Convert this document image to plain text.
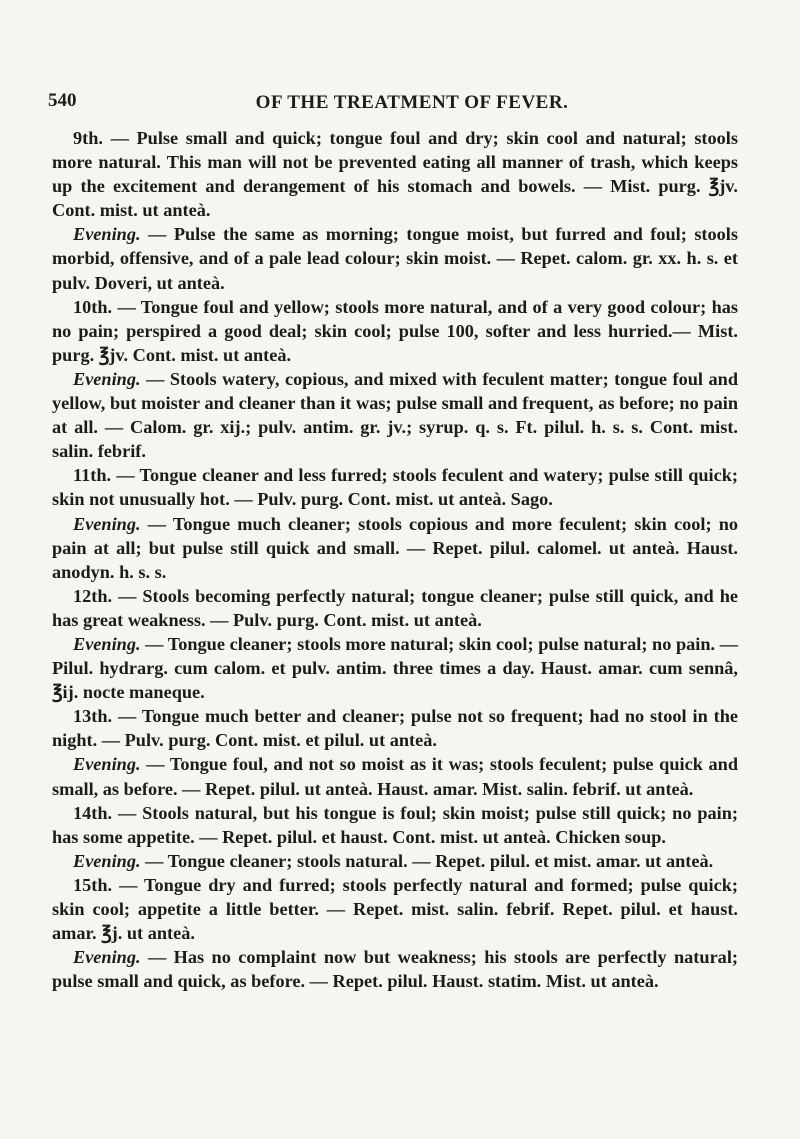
540	OF THE TREATMENT OF FEVER.

9th. — Pulse small and quick; tongue foul and dry; skin cool and natural; stools more natural. This man will not be prevented eating all manner of trash, which keeps up the excitement and derangement of his stomach and bowels. — Mist. purg. ℥jv. Cont. mist. ut anteà.

Evening. — Pulse the same as morning; tongue moist, but furred and foul; stools morbid, offensive, and of a pale lead colour; skin moist. — Repet. calom. gr. xx. h. s. et pulv. Doveri, ut anteà.

10th. — Tongue foul and yellow; stools more natural, and of a very good colour; has no pain; perspired a good deal; skin cool; pulse 100, softer and less hurried.— Mist. purg. ℥jv. Cont. mist. ut anteà.

Evening. — Stools watery, copious, and mixed with feculent matter; tongue foul and yellow, but moister and cleaner than it was; pulse small and frequent, as before; no pain at all. — Calom. gr. xij.; pulv. antim. gr. jv.; syrup. q. s. Ft. pilul. h. s. s. Cont. mist. salin. febrif.

11th. — Tongue cleaner and less furred; stools feculent and watery; pulse still quick; skin not unusually hot. — Pulv. purg. Cont. mist. ut anteà. Sago.

Evening. — Tongue much cleaner; stools copious and more feculent; skin cool; no pain at all; but pulse still quick and small. — Repet. pilul. calomel. ut anteà. Haust. anodyn. h. s. s.

12th. — Stools becoming perfectly natural; tongue cleaner; pulse still quick, and he has great weakness. — Pulv. purg. Cont. mist. ut anteà.

Evening. — Tongue cleaner; stools more natural; skin cool; pulse natural; no pain. — Pilul. hydrarg. cum calom. et pulv. antim. three times a day. Haust. amar. cum sennâ, ℥ij. nocte maneque.

13th. — Tongue much better and cleaner; pulse not so frequent; had no stool in the night. — Pulv. purg. Cont. mist. et pilul. ut anteà.

Evening. — Tongue foul, and not so moist as it was; stools feculent; pulse quick and small, as before. — Repet. pilul. ut anteà. Haust. amar. Mist. salin. febrif. ut anteà.

14th. — Stools natural, but his tongue is foul; skin moist; pulse still quick; no pain; has some appetite. — Repet. pilul. et haust. Cont. mist. ut anteà. Chicken soup.

Evening. — Tongue cleaner; stools natural. — Repet. pilul. et mist. amar. ut anteà.

15th. — Tongue dry and furred; stools perfectly natural and formed; pulse quick; skin cool; appetite a little better. — Repet. mist. salin. febrif. Repet. pilul. et haust. amar. ℥j. ut anteà.

Evening. — Has no complaint now but weakness; his stools are perfectly natural; pulse small and quick, as before. — Repet. pilul. Haust. statim. Mist. ut anteà.
